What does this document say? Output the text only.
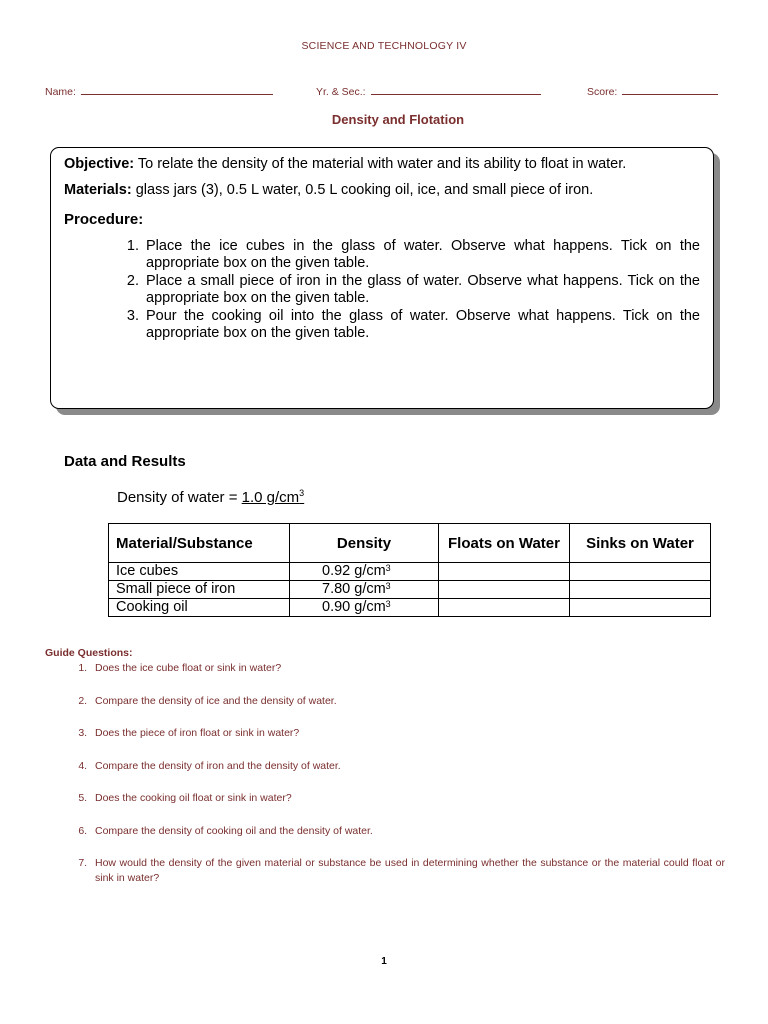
SCIENCE AND TECHNOLOGY IV
Name:	Yr. & Sec.:	Score:
Density and Flotation

Objective: To relate the density of the material with water and its ability to float in water.

Materials: glass jars (3), 0.5 L water, 0.5 L cooking oil, ice, and small piece of iron.

Procedure:

1. Place the ice cubes in the glass of water. Observe what happens. Tick on the appropriate box on the given table.
2. Place a small piece of iron in the glass of water. Observe what happens. Tick on the appropriate box on the given table.
3. Pour the cooking oil into the glass of water. Observe what happens. Tick on the appropriate box on the given table.
Data and Results
Density of water = 1.0 $g/cm^3$
Material/Substance	Density	Floats on Water	Sinks on Water
Ice cubes	0.92 $g/cm^3$		
Small piece of iron	7.80 $g/cm^3$		
Cooking oil	0.90 $g/cm^3$		
Guide Questions:
1. Does the ice cube float or sink in water?
2. Compare the density of ice and the density of water.
3. Does the piece of iron float or sink in water?
4. Compare the density of iron and the density of water.
5. Does the cooking oil float or sink in water?
6. Compare the density of cooking oil and the density of water.
7. How would the density of the given material or substance be used in determining whether the substance or the material could float or sink in water?
1
